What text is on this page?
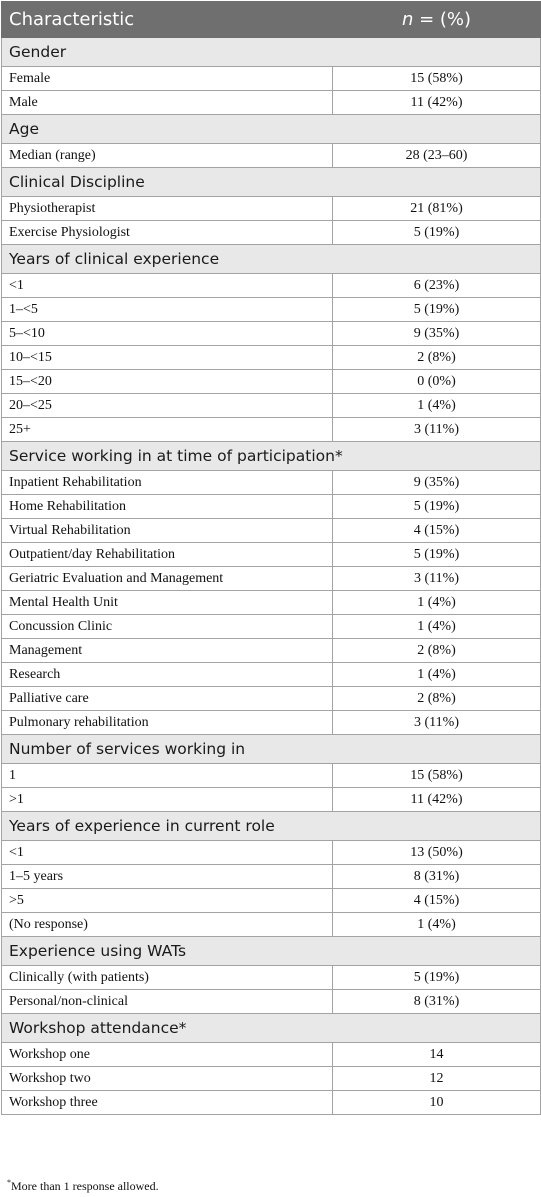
Characteristic	n = (%)
Gender	
Female	15 (58%)
Male	11 (42%)
Age	
Median (range)	28 (23–60)
Clinical Discipline	
Physiotherapist	21 (81%)
Exercise Physiologist	5 (19%)
Years of clinical experience	
<1	6 (23%)
1–<5	5 (19%)
5–<10	9 (35%)
10–<15	2 (8%)
15–<20	0 (0%)
20–<25	1 (4%)
25+	3 (11%)
Service working in at time of participation*	
Inpatient Rehabilitation	9 (35%)
Home Rehabilitation	5 (19%)
Virtual Rehabilitation	4 (15%)
Outpatient/day Rehabilitation	5 (19%)
Geriatric Evaluation and Management	3 (11%)
Mental Health Unit	1 (4%)
Concussion Clinic	1 (4%)
Management	2 (8%)
Research	1 (4%)
Palliative care	2 (8%)
Pulmonary rehabilitation	3 (11%)
Number of services working in	
1	15 (58%)
>1	11 (42%)
Years of experience in current role	
<1	13 (50%)
1–5 years	8 (31%)
>5	4 (15%)
(No response)	1 (4%)
Experience using WATs	
Clinically (with patients)	5 (19%)
Personal/non-clinical	8 (31%)
Workshop attendance*	
Workshop one	14
Workshop two	12
Workshop three	10
*More than 1 response allowed.
